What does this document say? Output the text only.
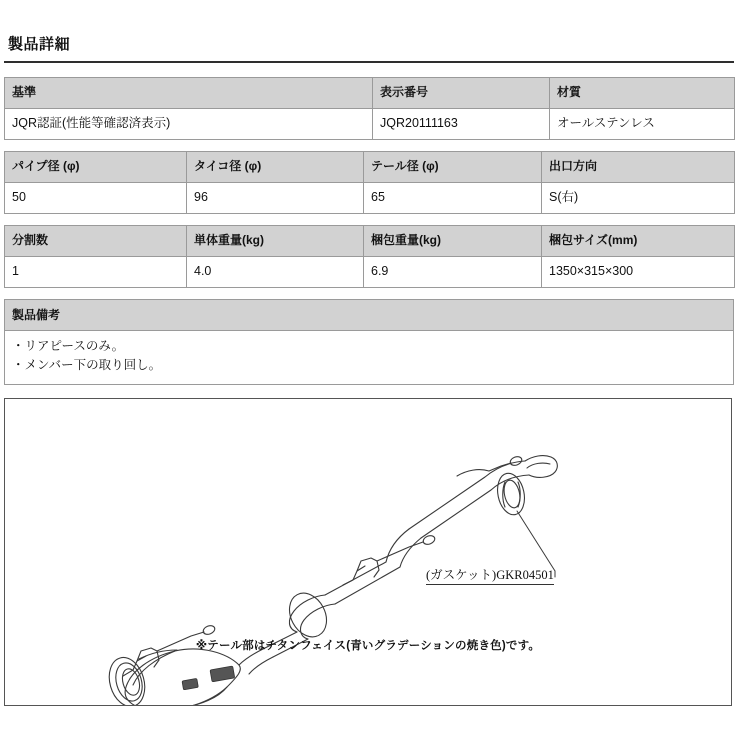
製品詳細
基準	表示番号	材質
JQR認証(性能等確認済表示)	JQR20111163	オールステンレス
パイプ径 (φ)	タイコ径 (φ)	テール径 (φ)	出口方向
50	96	65	S(右)
分割数	単体重量(kg)	梱包重量(kg)	梱包サイズ(mm)
1	4.0	6.9	1350×315×300
製品備考

・リアピースのみ。
・メンバー下の取り回し。
(ガスケット)GKR04501
※テール部はチタンフェイス(青いグラデーションの焼き色)です。
